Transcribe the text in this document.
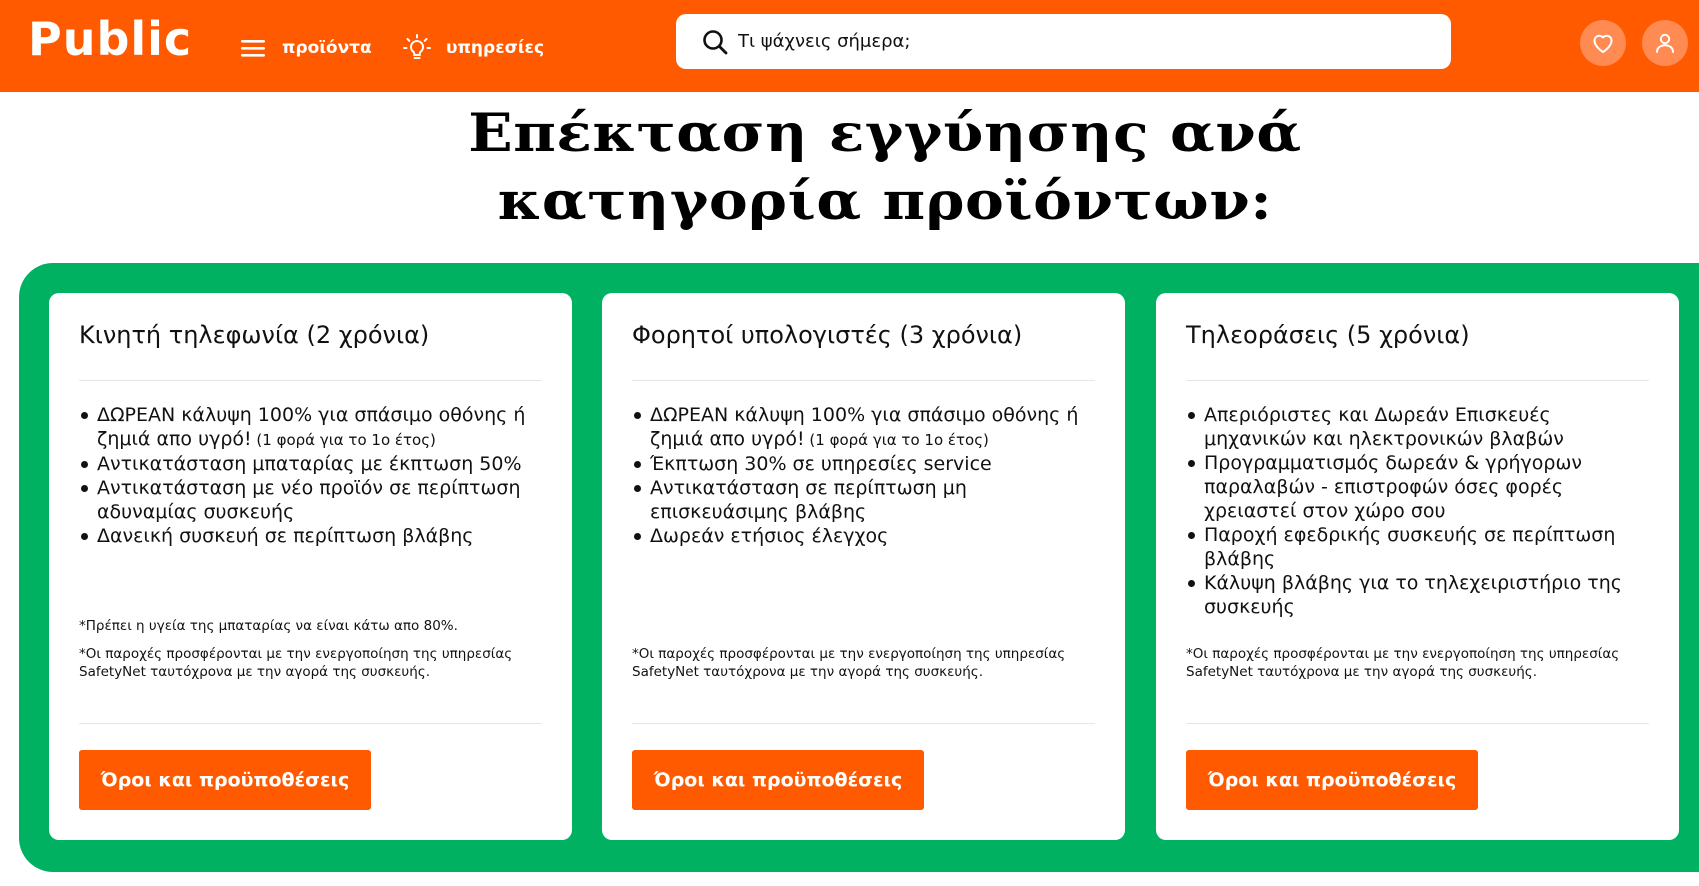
Public	προϊόντα	υπηρεσίες
Τι ψάχνεις σήμερα;
Επέκταση εγγύησης ανά
κατηγορία προϊόντων:
Κινητή τηλεφωνία (2 χρόνια)
ΔΩΡΕΑΝ κάλυψη 100% για σπάσιμο οθόνης ή ζημιά απο υγρό! (1 φορά για το 1ο έτος)
Αντικατάσταση μπαταρίας με έκπτωση 50%
Αντικατάσταση με νέο προϊόν σε περίπτωση αδυναμίας συσκευής
Δανεική συσκευή σε περίπτωση βλάβης
*Πρέπει η υγεία της μπαταρίας να είναι κάτω απο 80%.
*Οι παροχές προσφέρονται με την ενεργοποίηση της υπηρεσίας SafetyNet ταυτόχρονα με την αγορά της συσκευής.
Όροι και προϋποθέσεις
Φορητοί υπολογιστές (3 χρόνια)
ΔΩΡΕΑΝ κάλυψη 100% για σπάσιμο οθόνης ή ζημιά απο υγρό! (1 φορά για το 1ο έτος)
Έκπτωση 30% σε υπηρεσίες service
Αντικατάσταση σε περίπτωση μη επισκευάσιμης βλάβης
Δωρεάν ετήσιος έλεγχος
*Οι παροχές προσφέρονται με την ενεργοποίηση της υπηρεσίας SafetyNet ταυτόχρονα με την αγορά της συσκευής.
Όροι και προϋποθέσεις
Τηλεοράσεις (5 χρόνια)
Απεριόριστες και Δωρεάν Επισκευές μηχανικών και ηλεκτρονικών βλαβών
Προγραμματισμός δωρεάν & γρήγορων παραλαβών - επιστροφών όσες φορές χρειαστεί στον χώρο σου
Παροχή εφεδρικής συσκευής σε περίπτωση βλάβης
Κάλυψη βλάβης για το τηλεχειριστήριο της συσκευής
*Οι παροχές προσφέρονται με την ενεργοποίηση της υπηρεσίας SafetyNet ταυτόχρονα με την αγορά της συσκευής.
Όροι και προϋποθέσεις
